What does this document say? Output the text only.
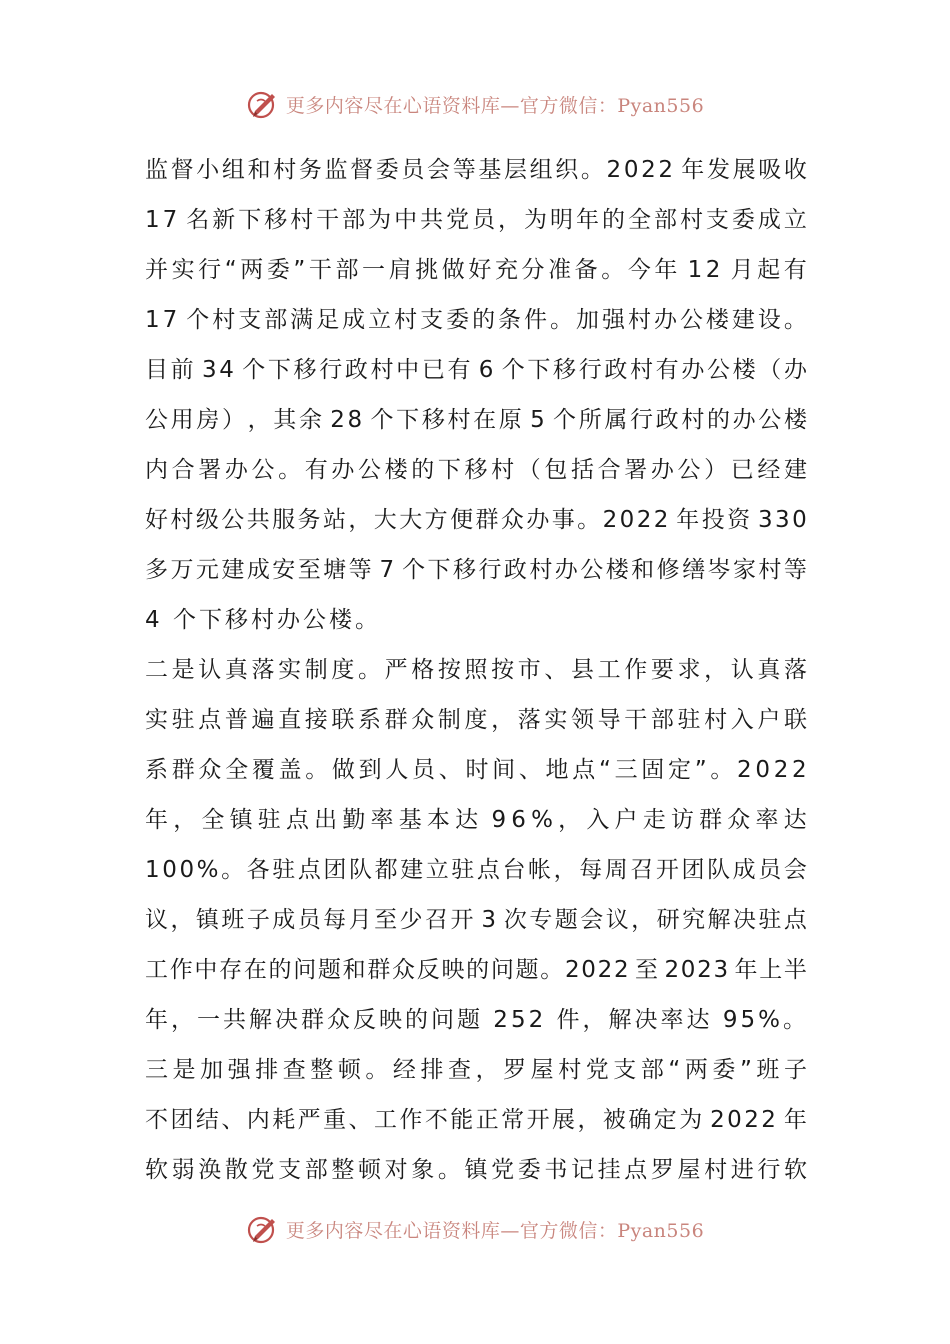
更多内容尽在心语资料库—官方微信：Pyan556
监 督 小 组 和 村 务 监 督 委 员 会 等 基 层 组 织 。 2 0 2 2
年 发 展 吸 收
1 7
名 新 下 移 村 干 部 为 中 共 党 员 ， 为 明 年 的 全 部 村 支 委 成 立
并 实 行 “ 两 委 ” 干 部 一 肩 挑 做 好 充 分 准 备 。 今 年
1 2
月 起 有
1 7
个 村 支 部 满 足 成 立 村 支 委 的 条 件 。 加 强 村 办 公 楼 建 设 。
目 前
3 4
个 下 移 行 政 村 中 已 有
6
个 下 移 行 政 村 有 办 公 楼 （ 办
公 用 房 ） ， 其 余
2 8
个 下 移 村 在 原
5
个 所 属 行 政 村 的 办 公 楼
内 合 署 办 公 。 有 办 公 楼 的 下 移 村 （ 包 括 合 署 办 公 ） 已 经 建
好 村 级 公 共 服 务 站 ， 大 大 方 便 群 众 办 事 。 2 0 2 2
年 投 资
3 3 0
多 万 元 建 成 安 至 塘 等
7
个 下 移 行 政 村 办 公 楼 和 修 缮 岑 家 村 等
4 个下移村办公楼。
二 是 认 真 落 实 制 度 。 严 格 按 照 按 市 、 县 工 作 要 求 ， 认 真 落
实 驻 点 普 遍 直 接 联 系 群 众 制 度 ， 落 实 领 导 干 部 驻 村 入 户 联
系 群 众 全 覆 盖 。 做 到 人 员 、 时 间 、 地 点 “ 三 固 定 ” 。 2 0 2 2
年 ， 全 镇 驻 点 出 勤 率 基 本 达
9 6 % ， 入 户 走 访 群 众 率 达
1 0 0 % 。 各 驻 点 团 队 都 建 立 驻 点 台 帐 ， 每 周 召 开 团 队 成 员 会
议 ， 镇 班 子 成 员 每 月 至 少 召 开
3
次 专 题 会 议 ， 研 究 解 决 驻 点
工 作 中 存 在 的 问 题 和 群 众 反 映 的 问 题 。 2 0 2 2
至
2 0 2 3
年 上 半
年，一共解决群众反映的问题 252 件，解决率达 95%。
三 是 加 强 排 查 整 顿 。 经 排 查 ， 罗 屋 村 党 支 部 “ 两 委 ” 班 子
不 团 结 、 内 耗 严 重 、 工 作 不 能 正 常 开 展 ， 被 确 定 为
2 0 2 2
年
软 弱 涣 散 党 支 部 整 顿 对 象 。 镇 党 委 书 记 挂 点 罗 屋 村 进 行 软
更多内容尽在心语资料库—官方微信：Pyan556
